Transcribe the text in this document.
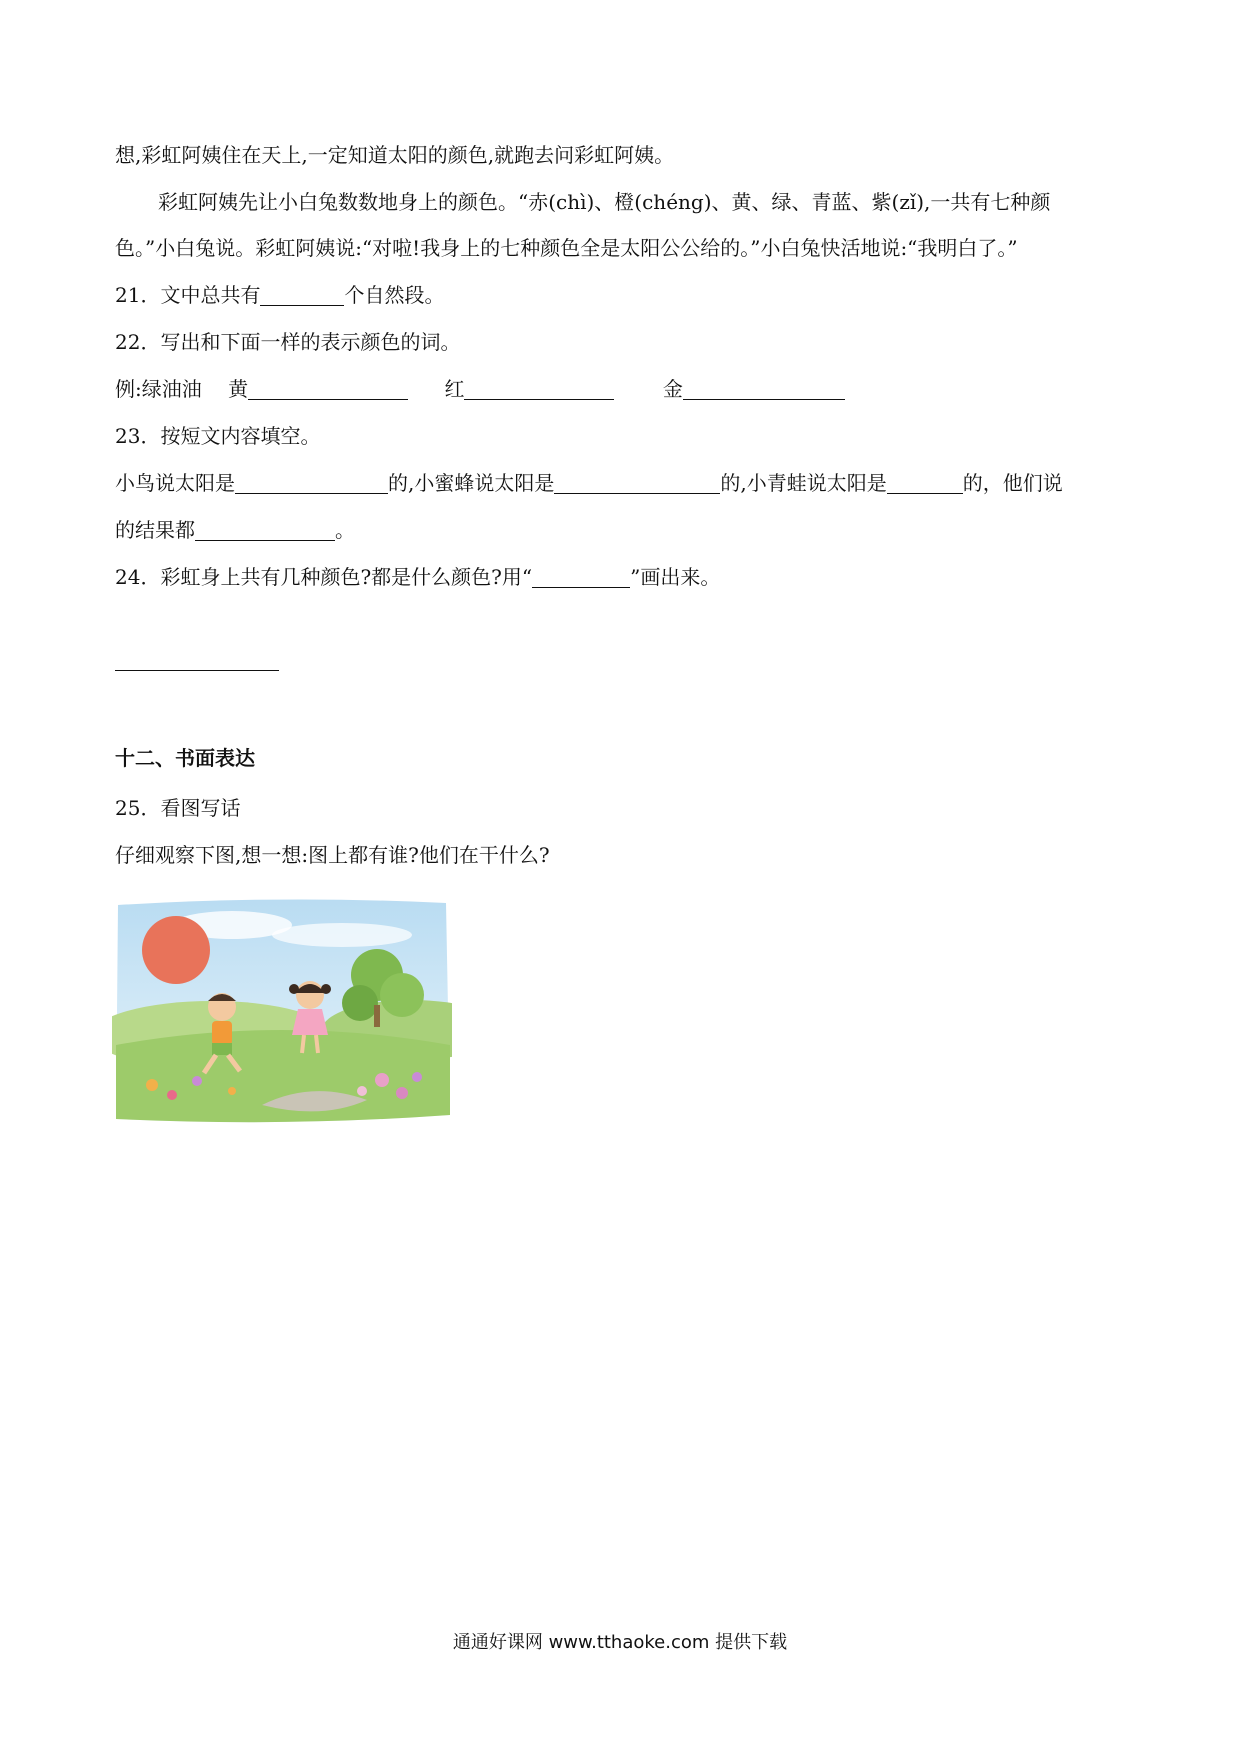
想,彩虹阿姨住在天上,一定知道太阳的颜色,就跑去问彩虹阿姨。
彩虹阿姨先让小白兔数数地身上的颜色。“赤(chì)、橙(chéng)、黄、绿、青蓝、紫(zǐ),一共有七种颜
色。”小白兔说。彩虹阿姨说:“对啦!我身上的七种颜色全是太阳公公给的。”小白兔快活地说:“我明白了。”
21．文中总共有	个自然段。
22．写出和下面一样的表示颜色的词。
例:绿油油 黄	红	金
23．按短文内容填空。
小鸟说太阳是	的,小蜜蜂说太阳是	的,小青蛙说太阳是	的，他们说
的结果都	。
24．彩虹身上共有几种颜色?都是什么颜色?用“	”画出来。
十二、书面表达
25．看图写话
仔细观察下图,想一想:图上都有谁?他们在干什么?
通通好课网 www.tthaoke.com 提供下载
